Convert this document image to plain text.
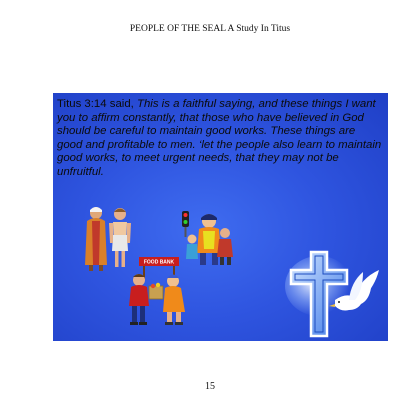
PEOPLE OF THE SEAL A Study In Titus
Titus 3:14 said, This is a faithful saying, and these things I want you to affirm constantly, that those who have believed in God should be careful to maintain good works. These things are good and profitable to men. ‘let the people also learn to maintain good works, to meet urgent needs, that they may not be unfruitful.
FOOD BANK
15
